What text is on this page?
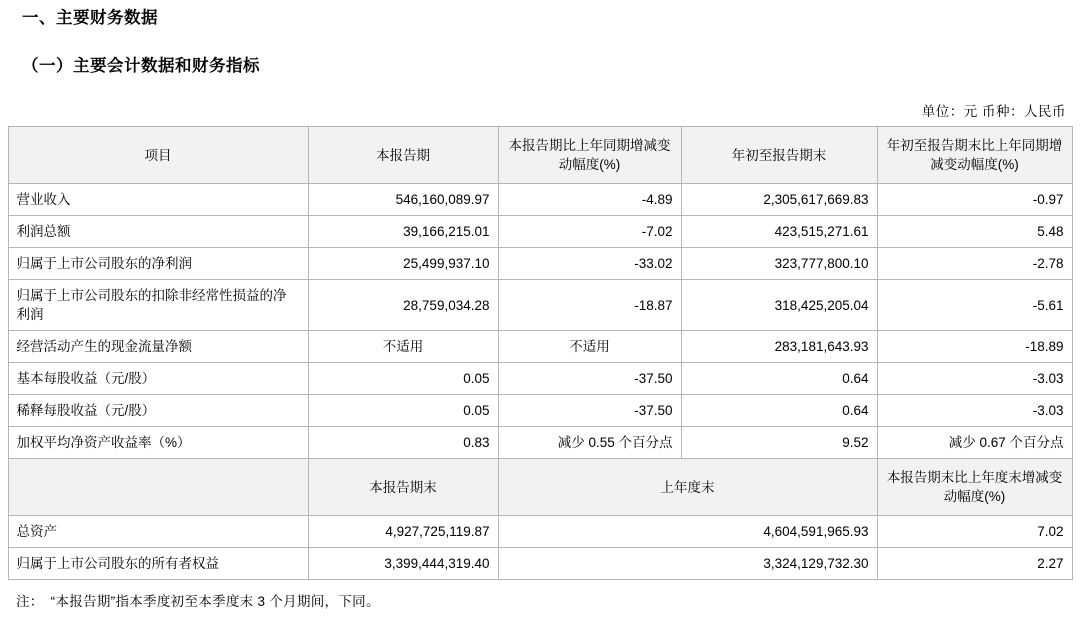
一、主要财务数据
（一）主要会计数据和财务指标
单位：元 币种：人民币
项目	本报告期	本报告期比上年同期增减变动幅度(%)	年初至报告期末	年初至报告期末比上年同期增减变动幅度(%)
营业收入	546,160,089.97	-4.89	2,305,617,669.83	-0.97
利润总额	39,166,215.01	-7.02	423,515,271.61	5.48
归属于上市公司股东的净利润	25,499,937.10	-33.02	323,777,800.10	-2.78
归属于上市公司股东的扣除非经常性损益的净利润	28,759,034.28	-18.87	318,425,205.04	-5.61
经营活动产生的现金流量净额	不适用	不适用	283,181,643.93	-18.89
基本每股收益（元/股）	0.05	-37.50	0.64	-3.03
稀释每股收益（元/股）	0.05	-37.50	0.64	-3.03
加权平均净资产收益率（%）	0.83	减少 0.55 个百分点	9.52	减少 0.67 个百分点
	本报告期末	上年度末		本报告期末比上年度末增减变动幅度(%)
总资产	4,927,725,119.87	4,604,591,965.93		7.02
归属于上市公司股东的所有者权益	3,399,444,319.40	3,324,129,732.30		2.27
注：　“本报告期”指本季度初至本季度末 3 个月期间，下同。
